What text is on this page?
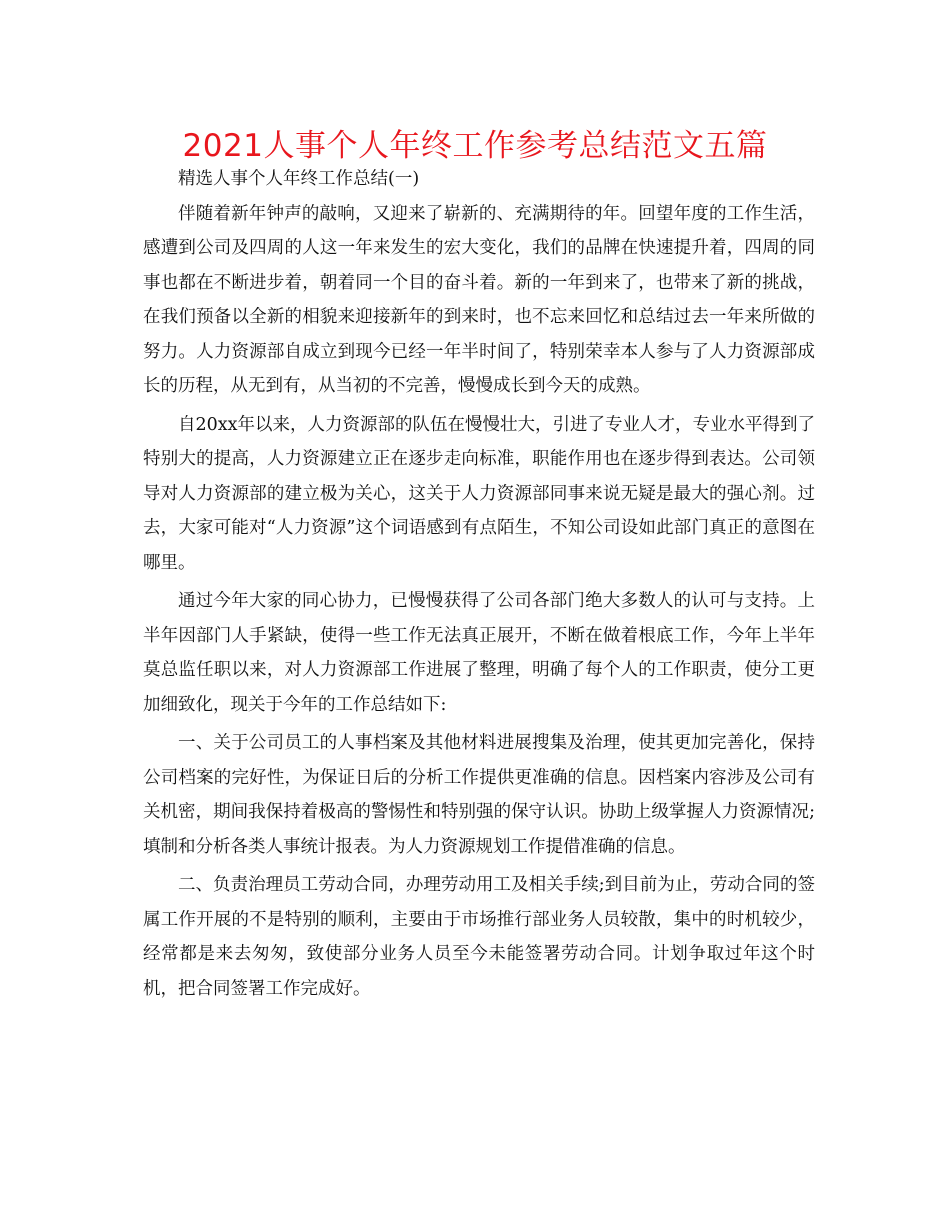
2021人事个人年终工作参考总结范文五篇

精选人事个人年终工作总结(一)

伴随着新年钟声的敲响，又迎来了崭新的、充满期待的年。回望年度的工作生活，感遭到公司及四周的人这一年来发生的宏大变化，我们的品牌在快速提升着，四周的同事也都在不断进步着，朝着同一个目的奋斗着。新的一年到来了，也带来了新的挑战，在我们预备以全新的相貌来迎接新年的到来时，也不忘来回忆和总结过去一年来所做的努力。人力资源部自成立到现今已经一年半时间了，特别荣幸本人参与了人力资源部成长的历程，从无到有，从当初的不完善，慢慢成长到今天的成熟。

自20xx年以来，人力资源部的队伍在慢慢壮大，引进了专业人才，专业水平得到了特别大的提高，人力资源建立正在逐步走向标准，职能作用也在逐步得到表达。公司领导对人力资源部的建立极为关心，这关于人力资源部同事来说无疑是最大的强心剂。过去，大家可能对“人力资源”这个词语感到有点陌生，不知公司设如此部门真正的意图在哪里。

通过今年大家的同心协力，已慢慢获得了公司各部门绝大多数人的认可与支持。上半年因部门人手紧缺，使得一些工作无法真正展开，不断在做着根底工作，今年上半年莫总监任职以来，对人力资源部工作进展了整理，明确了每个人的工作职责，使分工更加细致化，现关于今年的工作总结如下:

一、关于公司员工的人事档案及其他材料进展搜集及治理，使其更加完善化，保持公司档案的完好性，为保证日后的分析工作提供更准确的信息。因档案内容涉及公司有关机密，期间我保持着极高的警惕性和特别强的保守认识。协助上级掌握人力资源情况;填制和分析各类人事统计报表。为人力资源规划工作提借准确的信息。

二、负责治理员工劳动合同，办理劳动用工及相关手续;到目前为止，劳动合同的签属工作开展的不是特别的顺利，主要由于市场推行部业务人员较散，集中的时机较少，经常都是来去匆匆，致使部分业务人员至今未能签署劳动合同。计划争取过年这个时机，把合同签署工作完成好。
